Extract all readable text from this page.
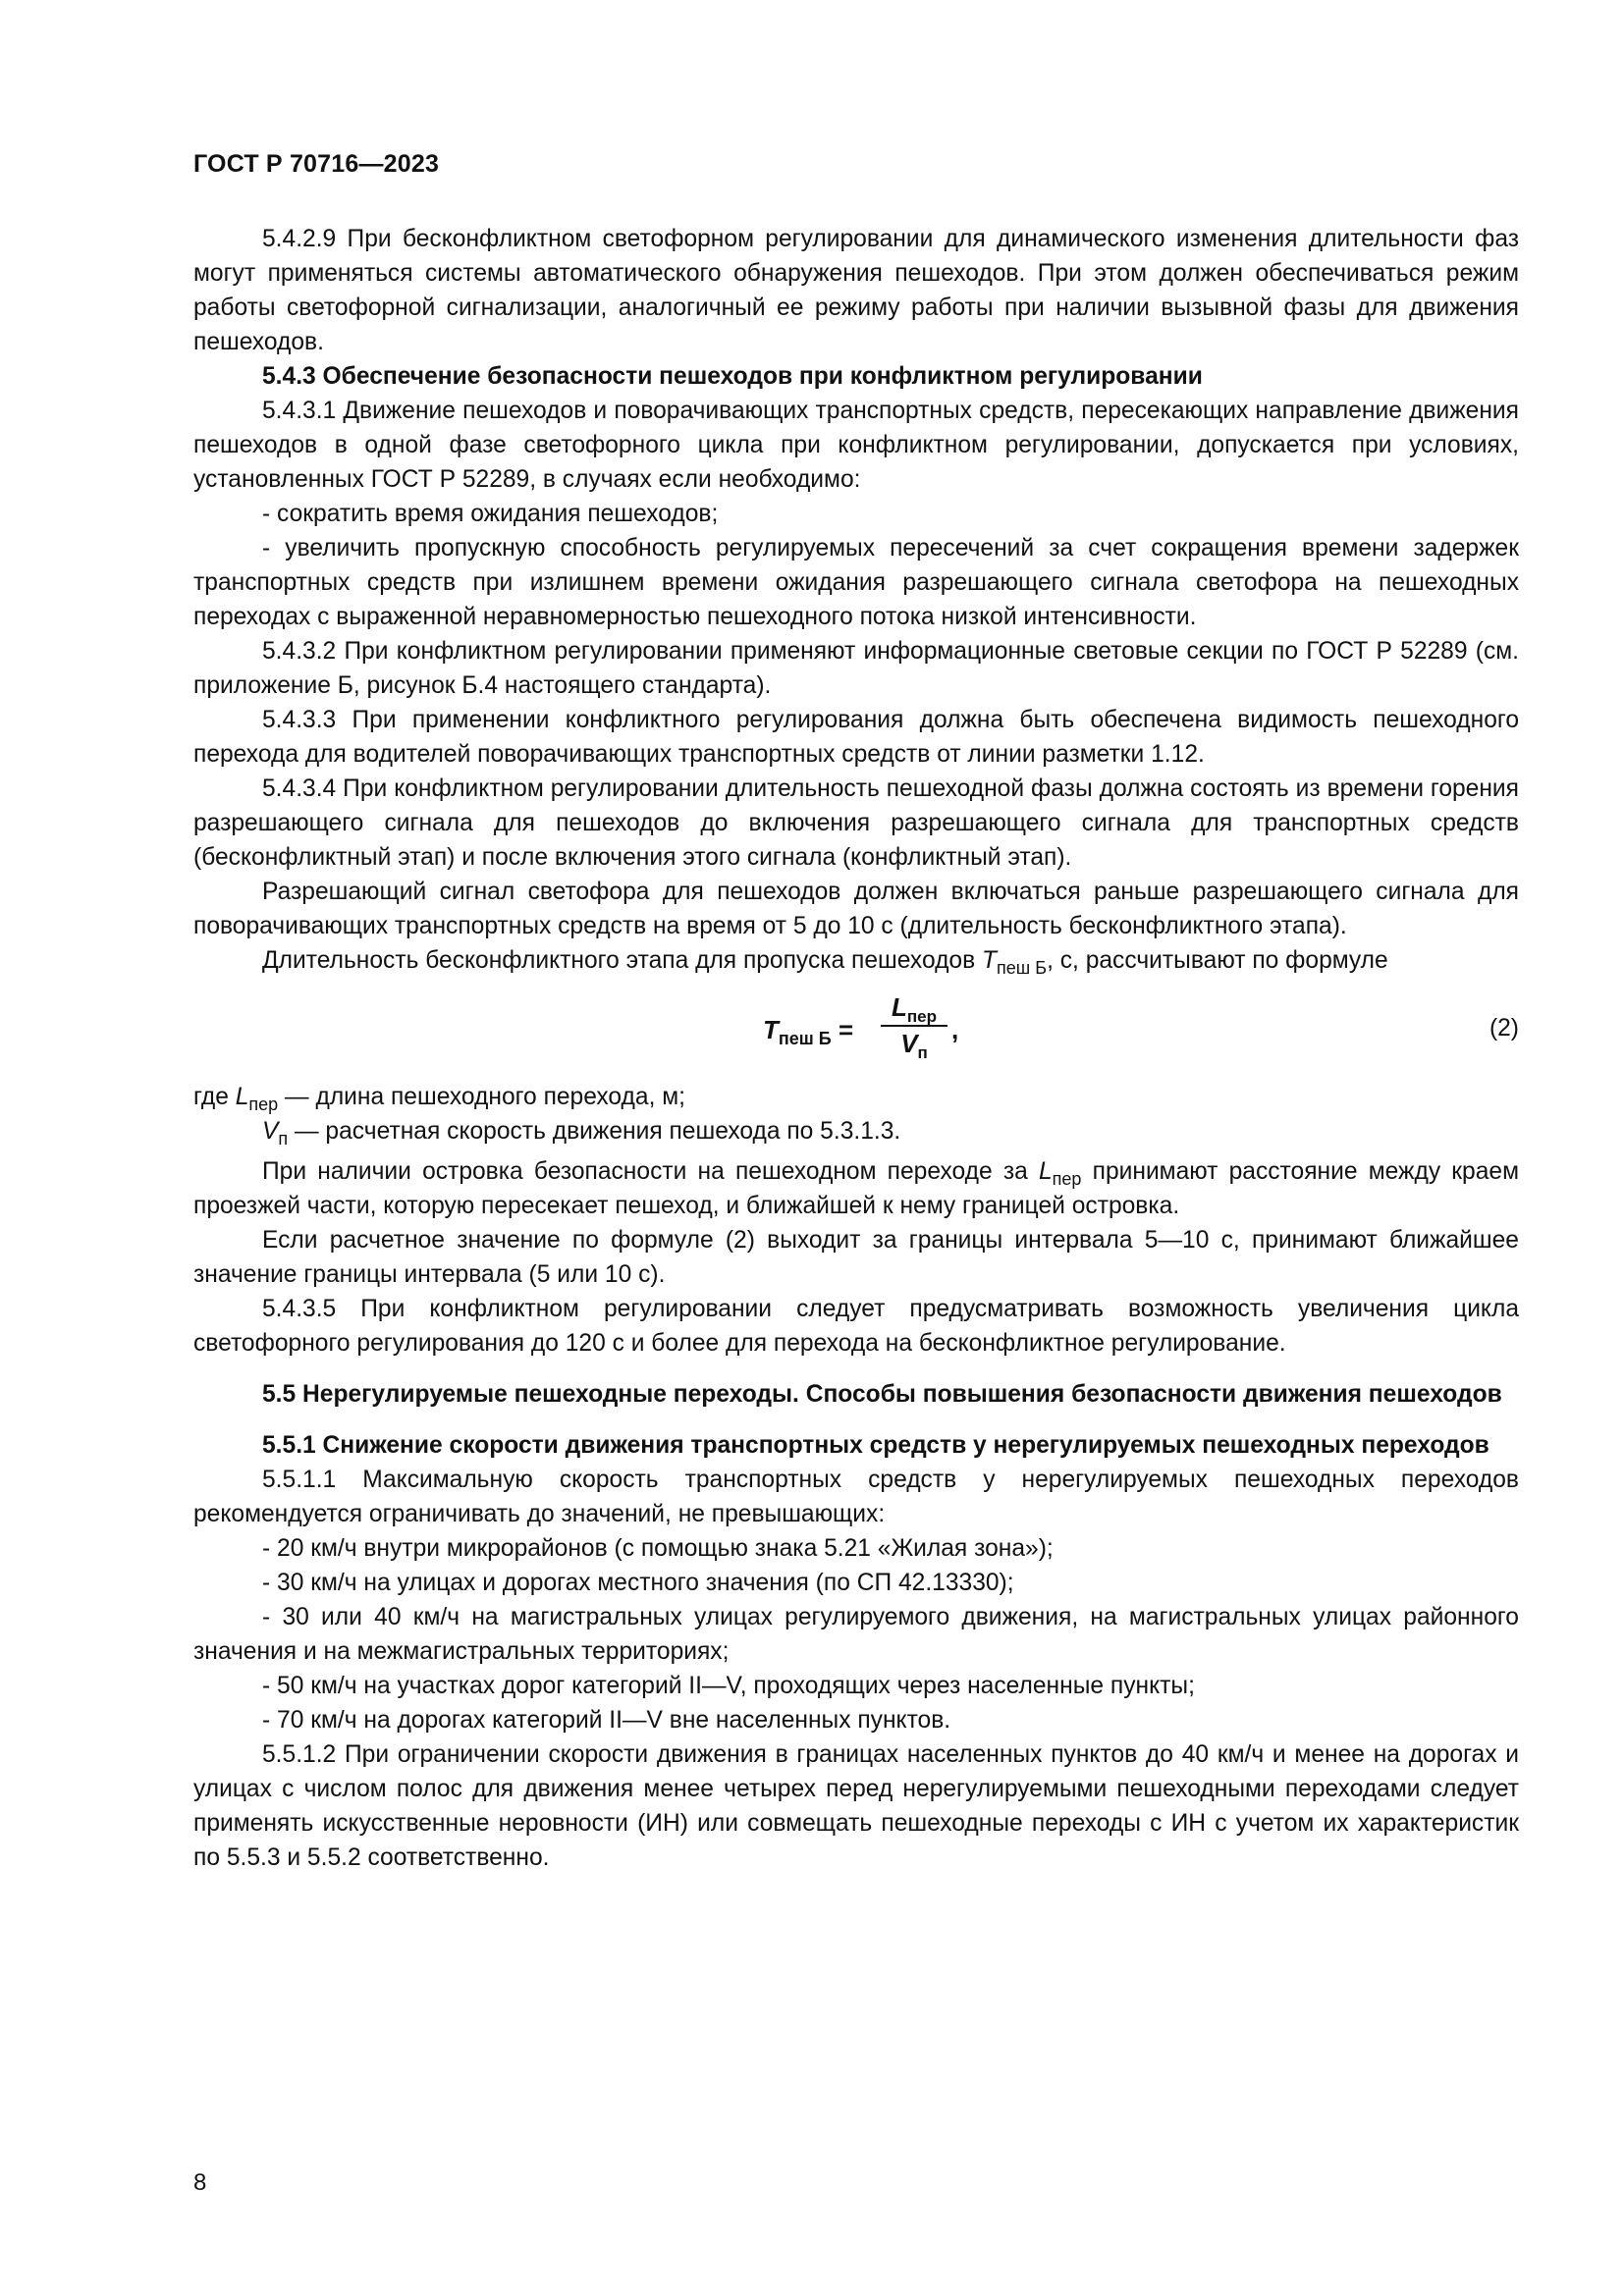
ГОСТ Р 70716—2023

5.4.2.9 При бесконфликтном светофорном регулировании для динамического изменения длительности фаз могут применяться системы автоматического обнаружения пешеходов. При этом должен обеспечиваться режим работы светофорной сигнализации, аналогичный ее режиму работы при наличии вызывной фазы для движения пешеходов.

5.4.3 Обеспечение безопасности пешеходов при конфликтном регулировании

5.4.3.1 Движение пешеходов и поворачивающих транспортных средств, пересекающих направление движения пешеходов в одной фазе светофорного цикла при конфликтном регулировании, допускается при условиях, установленных ГОСТ Р 52289, в случаях если необходимо:

- сократить время ожидания пешеходов;

- увеличить пропускную способность регулируемых пересечений за счет сокращения времени задержек транспортных средств при излишнем времени ожидания разрешающего сигнала светофора на пешеходных переходах с выраженной неравномерностью пешеходного потока низкой интенсивности.

5.4.3.2 При конфликтном регулировании применяют информационные световые секции по ГОСТ Р 52289 (см. приложение Б, рисунок Б.4 настоящего стандарта).

5.4.3.3 При применении конфликтного регулирования должна быть обеспечена видимость пешеходного перехода для водителей поворачивающих транспортных средств от линии разметки 1.12.

5.4.3.4 При конфликтном регулировании длительность пешеходной фазы должна состоять из времени горения разрешающего сигнала для пешеходов до включения разрешающего сигнала для транспортных средств (бесконфликтный этап) и после включения этого сигнала (конфликтный этап).

Разрешающий сигнал светофора для пешеходов должен включаться раньше разрешающего сигнала для поворачивающих транспортных средств на время от 5 до 10 с (длительность бесконфликтного этапа).

Длительность бесконфликтного этапа для пропуска пешеходов $T_{пеш Б}$, с, рассчитывают по формуле

$T_{пеш Б}$ =
$L_{пер}$
$V_п$
,	(2)

где $L_{пер}$ — длина пешеходного перехода, м;

$V_п$ — расчетная скорость движения пешехода по 5.3.1.3.

При наличии островка безопасности на пешеходном переходе за $L_{пер}$ принимают расстояние между краем проезжей части, которую пересекает пешеход, и ближайшей к нему границей островка.

Если расчетное значение по формуле (2) выходит за границы интервала 5—10 с, принимают ближайшее значение границы интервала (5 или 10 с).

5.4.3.5 При конфликтном регулировании следует предусматривать возможность увеличения цикла светофорного регулирования до 120 с и более для перехода на бесконфликтное регулирование.

5.5 Нерегулируемые пешеходные переходы. Способы повышения безопасности движения пешеходов

5.5.1 Снижение скорости движения транспортных средств у нерегулируемых пешеходных переходов

5.5.1.1 Максимальную скорость транспортных средств у нерегулируемых пешеходных переходов рекомендуется ограничивать до значений, не превышающих:

- 20 км/ч внутри микрорайонов (с помощью знака 5.21 «Жилая зона»);

- 30 км/ч на улицах и дорогах местного значения (по СП 42.13330);

- 30 или 40 км/ч на магистральных улицах регулируемого движения, на магистральных улицах районного значения и на межмагистральных территориях;

- 50 км/ч на участках дорог категорий II—V, проходящих через населенные пункты;

- 70 км/ч на дорогах категорий II—V вне населенных пунктов.

5.5.1.2 При ограничении скорости движения в границах населенных пунктов до 40 км/ч и менее на дорогах и улицах с числом полос для движения менее четырех перед нерегулируемыми пешеходными переходами следует применять искусственные неровности (ИН) или совмещать пешеходные переходы с ИН с учетом их характеристик по 5.5.3 и 5.5.2 соответственно.

8
